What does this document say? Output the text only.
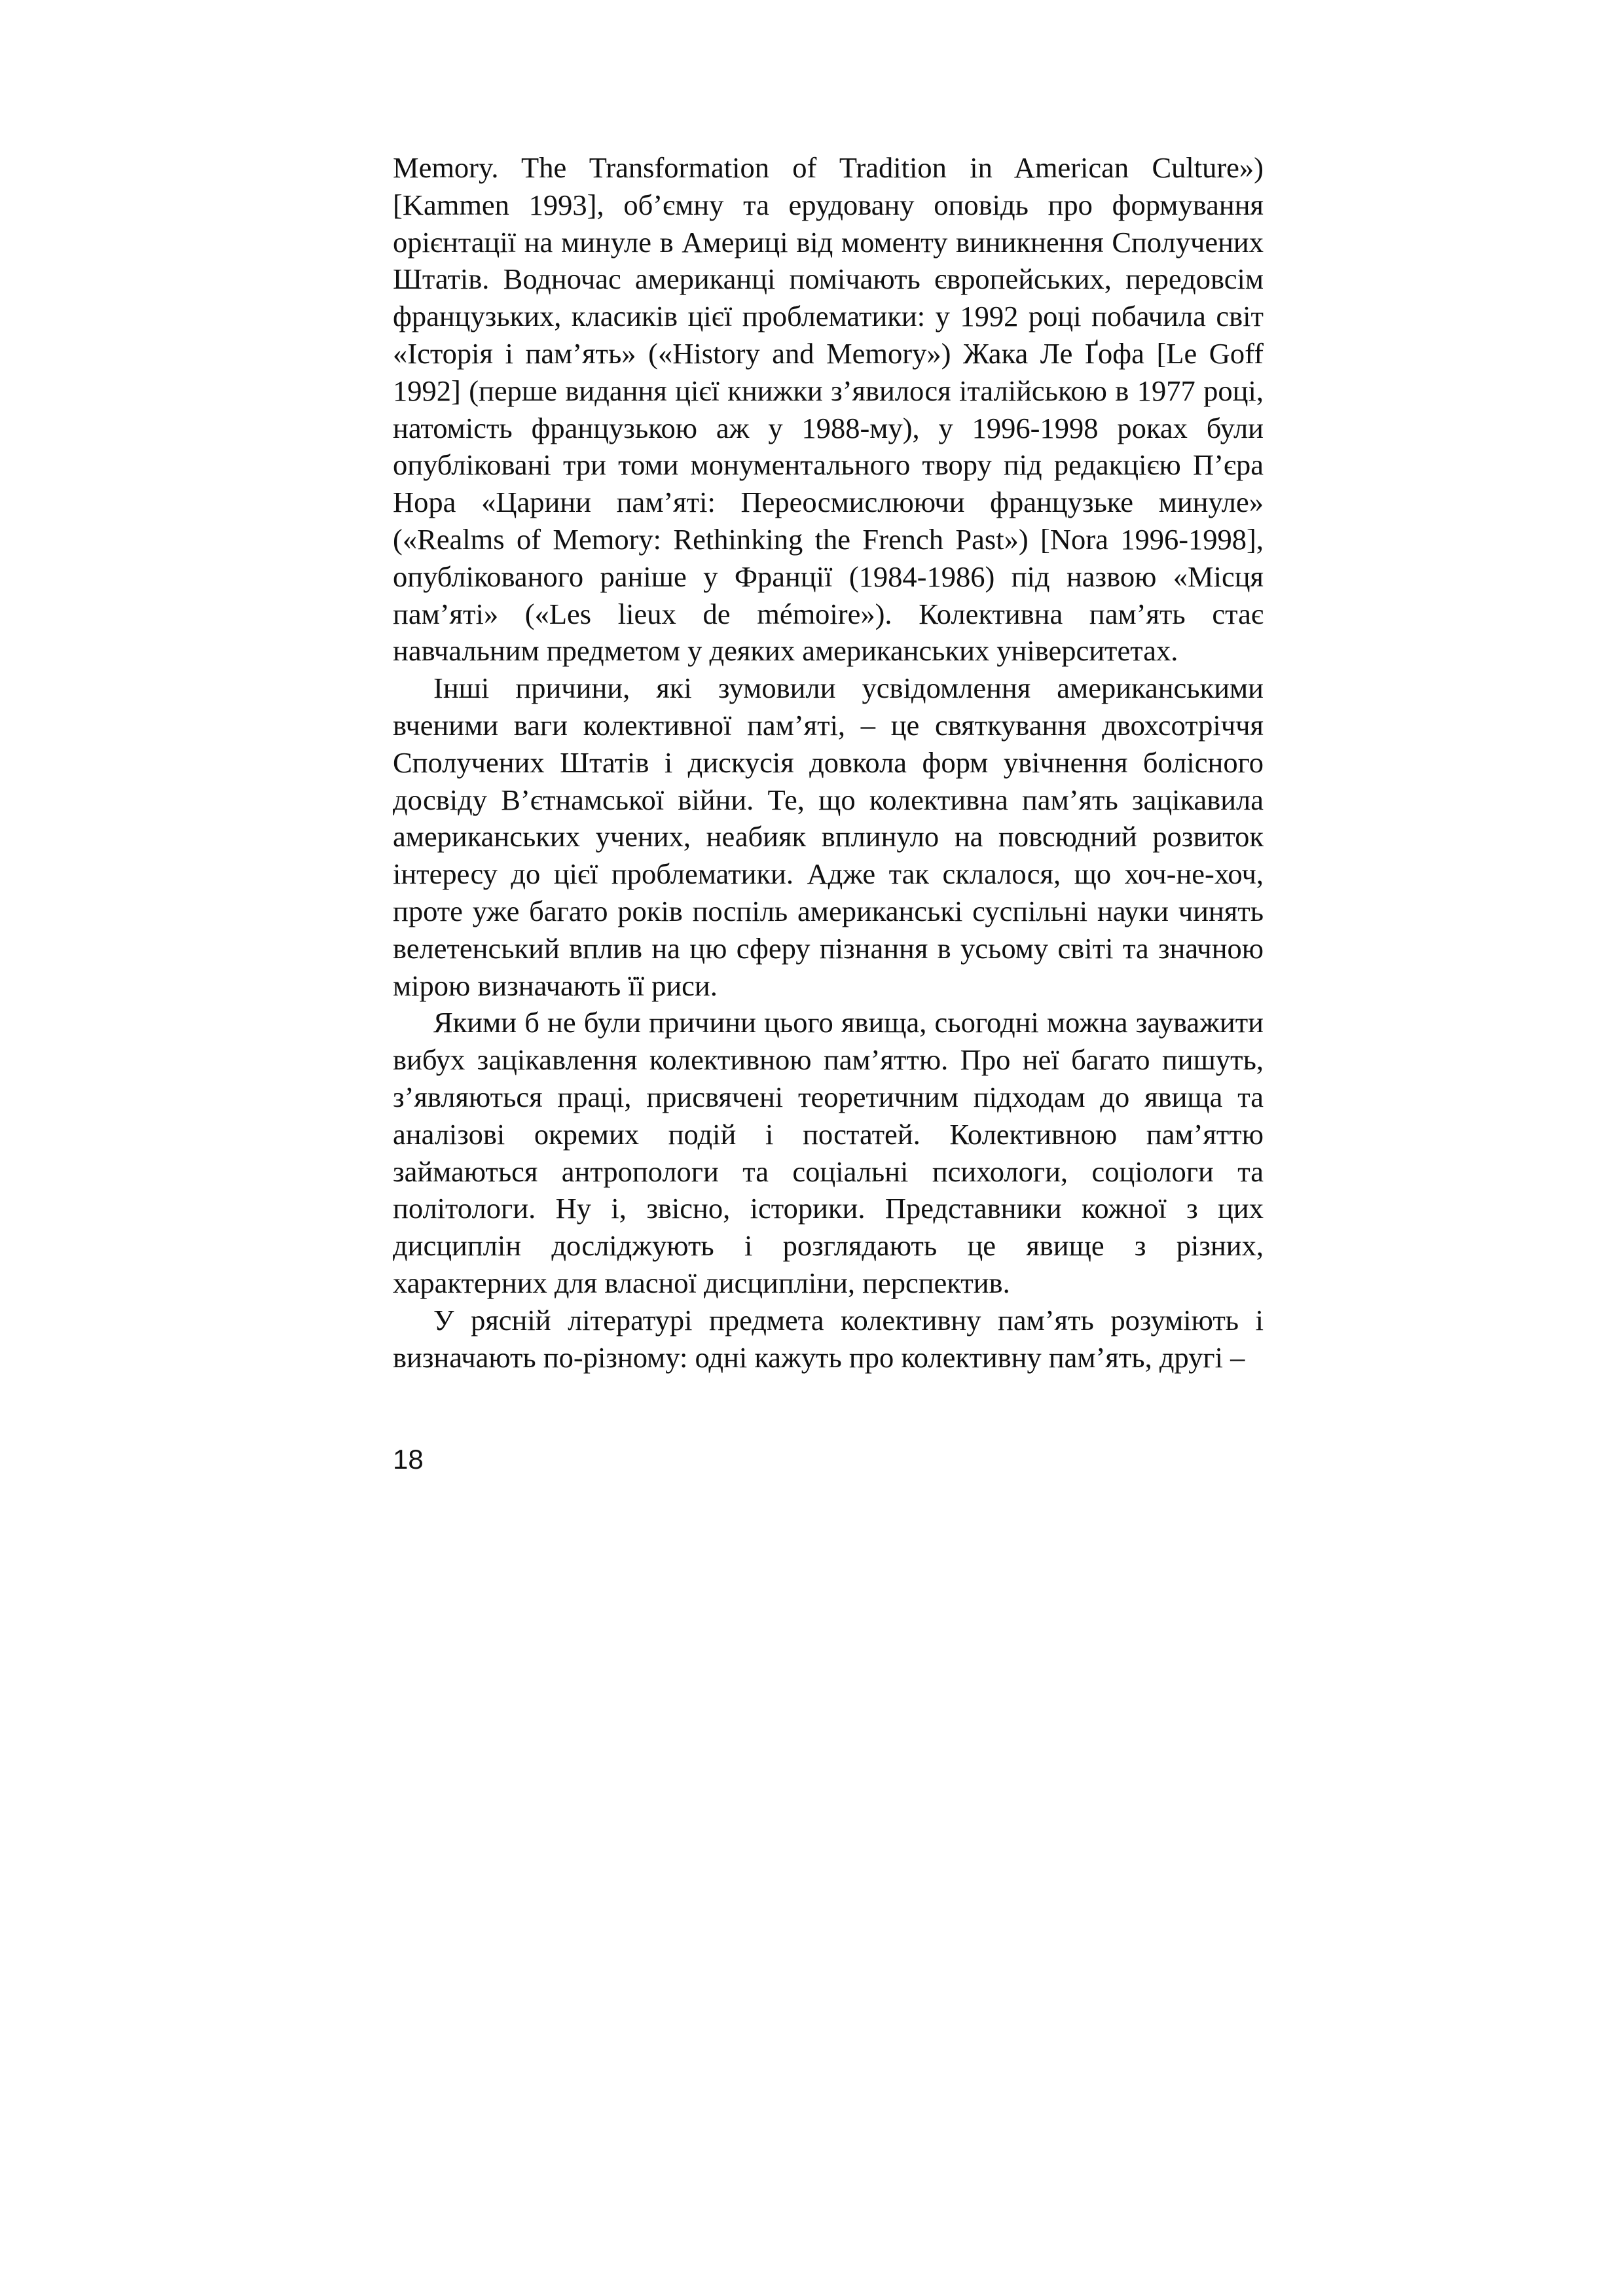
Memory. The Transformation of Tradition in American Culture») [Kammen 1993], об’ємну та ерудовану оповідь про формування орієнтації на минуле в Америці від моменту виникнення Сполучених Штатів. Водночас американці помічають європейських, передовсім французьких, класиків цієї проблематики: у 1992 році побачила світ «Історія і пам’ять» («History and Memory») Жака Ле Ґофа [Le Goff 1992] (перше видання цієї книжки з’явилося італійською в 1977 році, натомість французькою аж у 1988-му), у 1996-1998 роках були опубліковані три томи монументального твору під редакцією П’єра Нора «Царини пам’яті: Переосмислюючи французьке минуле» («Realms of Memory: Rethinking the French Past») [Nora 1996-1998], опублікованого раніше у Франції (1984-1986) під назвою «Місця пам’яті» («Les lieux de mémoire»). Колективна пам’ять стає навчальним предметом у деяких американських університетах.

Інші причини, які зумовили усвідомлення американськими вченими ваги колективної пам’яті, – це святкування двохсотріччя Сполучених Штатів і дискусія довкола форм увічнення болісного досвіду В’єтнамської війни. Те, що колективна пам’ять зацікавила американських учених, неабияк вплинуло на повсюдний розвиток інтересу до цієї проблематики. Адже так склалося, що хоч-не-хоч, проте уже багато років поспіль американські суспільні науки чинять велетенський вплив на цю сферу пізнання в усьому світі та значною мірою визначають її риси.

Якими б не були причини цього явища, сьогодні можна зауважити вибух зацікавлення колективною пам’яттю. Про неї багато пишуть, з’являються праці, присвячені теоретичним підходам до явища та аналізові окремих подій і постатей. Колективною пам’яттю займаються антропологи та соціальні психологи, соціологи та політологи. Ну і, звісно, історики. Представники кожної з цих дисциплін досліджують і розглядають це явище з різних, характерних для власної дисципліни, перспектив.

У рясній літературі предмета колективну пам’ять розуміють і визначають по-різному: одні кажуть про колективну пам’ять, другі –

18
